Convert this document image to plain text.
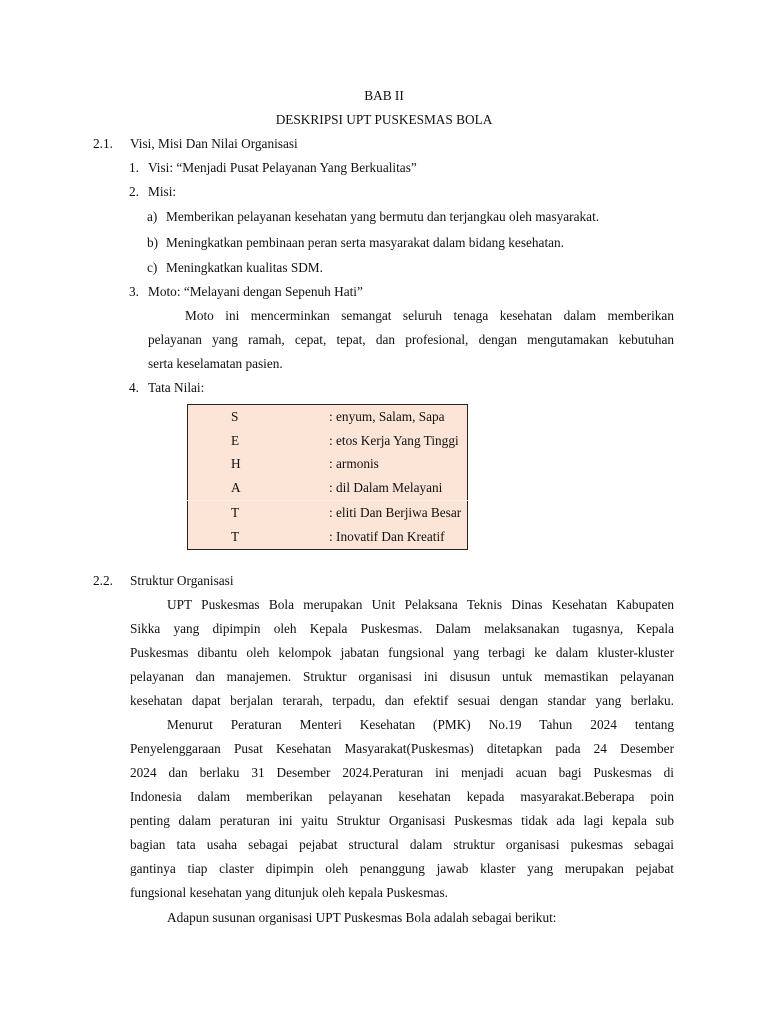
BAB II
DESKRIPSI UPT PUSKESMAS BOLA
2.1. Visi, Misi Dan Nilai Organisasi
1. Visi: “Menjadi Pusat Pelayanan Yang Berkualitas”
2. Misi:
a) Memberikan pelayanan kesehatan yang bermutu dan terjangkau oleh masyarakat.
b) Meningkatkan pembinaan peran serta masyarakat dalam bidang kesehatan.
c) Meningkatkan kualitas SDM.
3. Moto: “Melayani dengan Sepenuh Hati”
Moto ini mencerminkan semangat seluruh tenaga kesehatan dalam memberikan
pelayanan yang ramah, cepat, tepat, dan profesional, dengan mengutamakan kebutuhan
serta keselamatan pasien.
4. Tata Nilai:
S	: enyum, Salam, Sapa
E	: etos Kerja Yang Tinggi
H	: armonis
A	: dil Dalam Melayani
T	: eliti Dan Berjiwa Besar
T	: Inovatif Dan Kreatif
2.2. Struktur Organisasi
UPT Puskesmas Bola merupakan Unit Pelaksana Teknis Dinas Kesehatan Kabupaten
Sikka yang dipimpin oleh Kepala Puskesmas. Dalam melaksanakan tugasnya, Kepala
Puskesmas dibantu oleh kelompok jabatan fungsional yang terbagi ke dalam kluster-kluster
pelayanan dan manajemen. Struktur organisasi ini disusun untuk memastikan pelayanan
kesehatan dapat berjalan terarah, terpadu, dan efektif sesuai dengan standar yang berlaku.
Menurut Peraturan Menteri Kesehatan (PMK) No.19 Tahun 2024 tentang
Penyelenggaraan Pusat Kesehatan Masyarakat(Puskesmas) ditetapkan pada 24 Desember
2024 dan berlaku 31 Desember 2024.Peraturan ini menjadi acuan bagi Puskesmas di
Indonesia dalam memberikan pelayanan kesehatan kepada masyarakat.Beberapa poin
penting dalam peraturan ini yaitu Struktur Organisasi Puskesmas tidak ada lagi kepala sub
bagian tata usaha sebagai pejabat structural dalam struktur organisasi pukesmas sebagai
gantinya tiap claster dipimpin oleh penanggung jawab klaster yang merupakan pejabat
fungsional kesehatan yang ditunjuk oleh kepala Puskesmas.
Adapun susunan organisasi UPT Puskesmas Bola adalah sebagai berikut:
